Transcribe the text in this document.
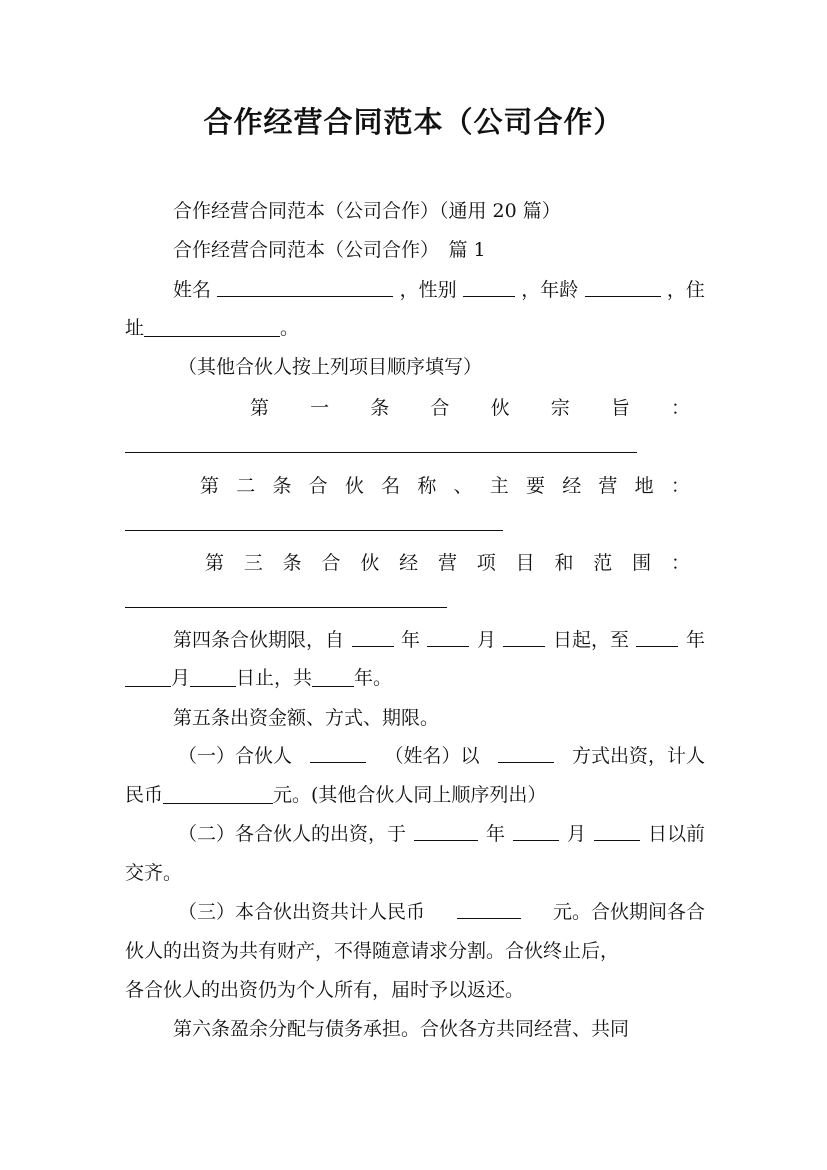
合作经营合同范本（公司合作）
合作经营合同范本（公司合作）（通用 20 篇）
合作经营合同范本（公司合作）　篇 1
姓名	，性别	，年龄	，住
址	。
（其他合伙人按上列项目顺序填写）
第 一 条 合 伙 宗 旨 ：
第 二 条 合 伙 名 称 、 主 要 经 营 地 ：
第 三 条 合 伙 经 营 项 目 和 范 围 ：
第四条合伙期限，自	年	月	日起，至	年
月 日止，共 年。
第五条出资金额、方式、期限。
（一）合伙人	（姓名）以	方式出资，计人
民币	元。(其他合伙人同上顺序列出）
（二）各合伙人的出资，于	年	月	日以前
交齐。
（三）本合伙出资共计人民币	元。合伙期间各合
伙人的出资为共有财产，不得随意请求分割。合伙终止后，
各合伙人的出资仍为个人所有，届时予以返还。
第六条盈余分配与债务承担。合伙各方共同经营、共同
